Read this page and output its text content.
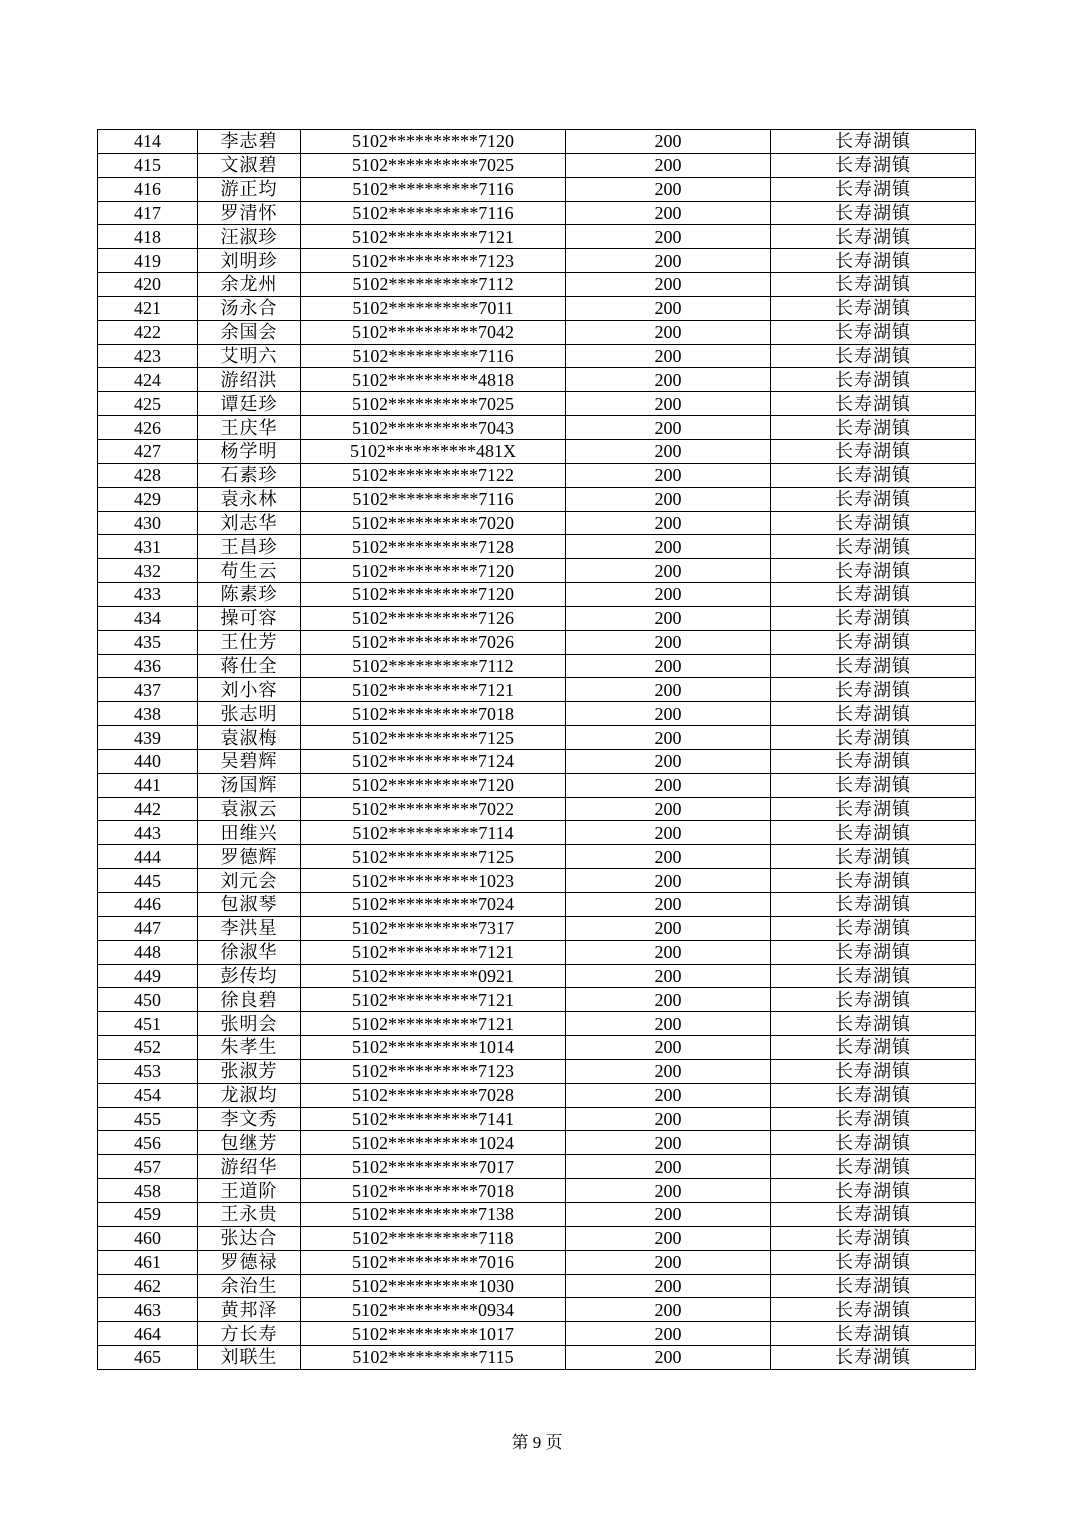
414	李志碧	5102**********7120	200	长寿湖镇
415	文淑碧	5102**********7025	200	长寿湖镇
416	游正均	5102**********7116	200	长寿湖镇
417	罗清怀	5102**********7116	200	长寿湖镇
418	汪淑珍	5102**********7121	200	长寿湖镇
419	刘明珍	5102**********7123	200	长寿湖镇
420	余龙州	5102**********7112	200	长寿湖镇
421	汤永合	5102**********7011	200	长寿湖镇
422	余国会	5102**********7042	200	长寿湖镇
423	艾明六	5102**********7116	200	长寿湖镇
424	游绍洪	5102**********4818	200	长寿湖镇
425	谭廷珍	5102**********7025	200	长寿湖镇
426	王庆华	5102**********7043	200	长寿湖镇
427	杨学明	5102**********481X	200	长寿湖镇
428	石素珍	5102**********7122	200	长寿湖镇
429	袁永林	5102**********7116	200	长寿湖镇
430	刘志华	5102**********7020	200	长寿湖镇
431	王昌珍	5102**********7128	200	长寿湖镇
432	苟生云	5102**********7120	200	长寿湖镇
433	陈素珍	5102**********7120	200	长寿湖镇
434	操可容	5102**********7126	200	长寿湖镇
435	王仕芳	5102**********7026	200	长寿湖镇
436	蒋仕全	5102**********7112	200	长寿湖镇
437	刘小容	5102**********7121	200	长寿湖镇
438	张志明	5102**********7018	200	长寿湖镇
439	袁淑梅	5102**********7125	200	长寿湖镇
440	吴碧辉	5102**********7124	200	长寿湖镇
441	汤国辉	5102**********7120	200	长寿湖镇
442	袁淑云	5102**********7022	200	长寿湖镇
443	田维兴	5102**********7114	200	长寿湖镇
444	罗德辉	5102**********7125	200	长寿湖镇
445	刘元会	5102**********1023	200	长寿湖镇
446	包淑琴	5102**********7024	200	长寿湖镇
447	李洪星	5102**********7317	200	长寿湖镇
448	徐淑华	5102**********7121	200	长寿湖镇
449	彭传均	5102**********0921	200	长寿湖镇
450	徐良碧	5102**********7121	200	长寿湖镇
451	张明会	5102**********7121	200	长寿湖镇
452	朱孝生	5102**********1014	200	长寿湖镇
453	张淑芳	5102**********7123	200	长寿湖镇
454	龙淑均	5102**********7028	200	长寿湖镇
455	李文秀	5102**********7141	200	长寿湖镇
456	包继芳	5102**********1024	200	长寿湖镇
457	游绍华	5102**********7017	200	长寿湖镇
458	王道阶	5102**********7018	200	长寿湖镇
459	王永贵	5102**********7138	200	长寿湖镇
460	张达合	5102**********7118	200	长寿湖镇
461	罗德禄	5102**********7016	200	长寿湖镇
462	余治生	5102**********1030	200	长寿湖镇
463	黄邦泽	5102**********0934	200	长寿湖镇
464	方长寿	5102**********1017	200	长寿湖镇
465	刘联生	5102**********7115	200	长寿湖镇
第 9 页
